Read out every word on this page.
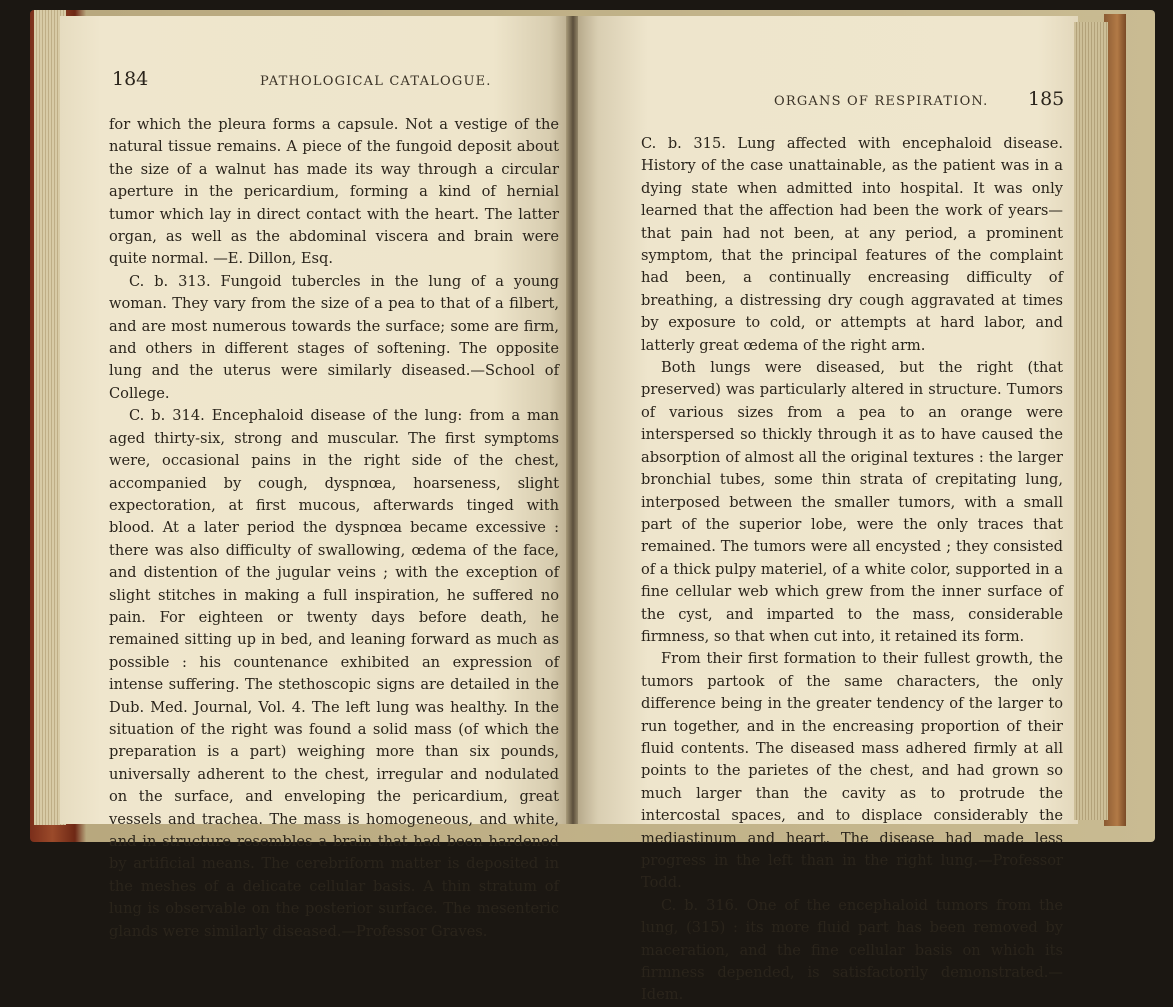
184	PATHOLOGICAL CATALOGUE.

for which the pleura forms a capsule. Not a vestige of the natural tissue remains. A piece of the fungoid deposit about the size of a walnut has made its way through a circular aperture in the pericardium, forming a kind of hernial tumor which lay in direct contact with the heart. The latter organ, as well as the abdominal viscera and brain were quite normal. —E. Dillon, Esq.

C. b. 313. Fungoid tubercles in the lung of a young woman. They vary from the size of a pea to that of a filbert, and are most numerous towards the surface; some are firm, and others in different stages of softening. The opposite lung and the uterus were similarly diseased.—School of College.

C. b. 314. Encephaloid disease of the lung: from a man aged thirty-six, strong and muscular. The first symptoms were, occasional pains in the right side of the chest, accompanied by cough, dyspnœa, hoarseness, slight expectoration, at first mucous, afterwards tinged with blood. At a later period the dyspnœa became excessive : there was also difficulty of swallowing, œdema of the face, and distention of the jugular veins ; with the exception of slight stitches in making a full inspiration, he suffered no pain. For eighteen or twenty days before death, he remained sitting up in bed, and leaning forward as much as possible : his countenance exhibited an expression of intense suffering. The stethoscopic signs are detailed in the Dub. Med. Journal, Vol. 4. The left lung was healthy. In the situation of the right was found a solid mass (of which the preparation is a part) weighing more than six pounds, universally adherent to the chest, irregular and nodulated on the surface, and enveloping the pericardium, great vessels and trachea. The mass is homogeneous, and white, and in structure resembles a brain that had been hardened by artificial means. The cerebriform matter is deposited in the meshes of a delicate cellular basis. A thin stratum of lung is observable on the posterior surface. The mesenteric glands were similarly diseased.—Professor Graves.

ORGANS OF RESPIRATION. 185

C. b. 315. Lung affected with encephaloid disease. History of the case unattainable, as the patient was in a dying state when admitted into hospital. It was only learned that the affection had been the work of years—that pain had not been, at any period, a prominent symptom, that the principal features of the complaint had been, a continually encreasing difficulty of breathing, a distressing dry cough aggravated at times by exposure to cold, or attempts at hard labor, and latterly great œdema of the right arm.

Both lungs were diseased, but the right (that preserved) was particularly altered in structure. Tumors of various sizes from a pea to an orange were interspersed so thickly through it as to have caused the absorption of almost all the original textures : the larger bronchial tubes, some thin strata of crepitating lung, interposed between the smaller tumors, with a small part of the superior lobe, were the only traces that remained. The tumors were all encysted ; they consisted of a thick pulpy materiel, of a white color, supported in a fine cellular web which grew from the inner surface of the cyst, and imparted to the mass, considerable firmness, so that when cut into, it retained its form.

From their first formation to their fullest growth, the tumors partook of the same characters, the only difference being in the greater tendency of the larger to run together, and in the encreasing proportion of their fluid contents. The diseased mass adhered firmly at all points to the parietes of the chest, and had grown so much larger than the cavity as to protrude the intercostal spaces, and to displace considerably the mediastinum and heart. The disease had made less progress in the left than in the right lung.—Professor Todd.

C. b. 316. One of the encephaloid tumors from the lung, (315) : its more fluid part has been removed by maceration, and the fine cellular basis on which its firmness depended, is satisfactorily demonstrated.—Idem.
